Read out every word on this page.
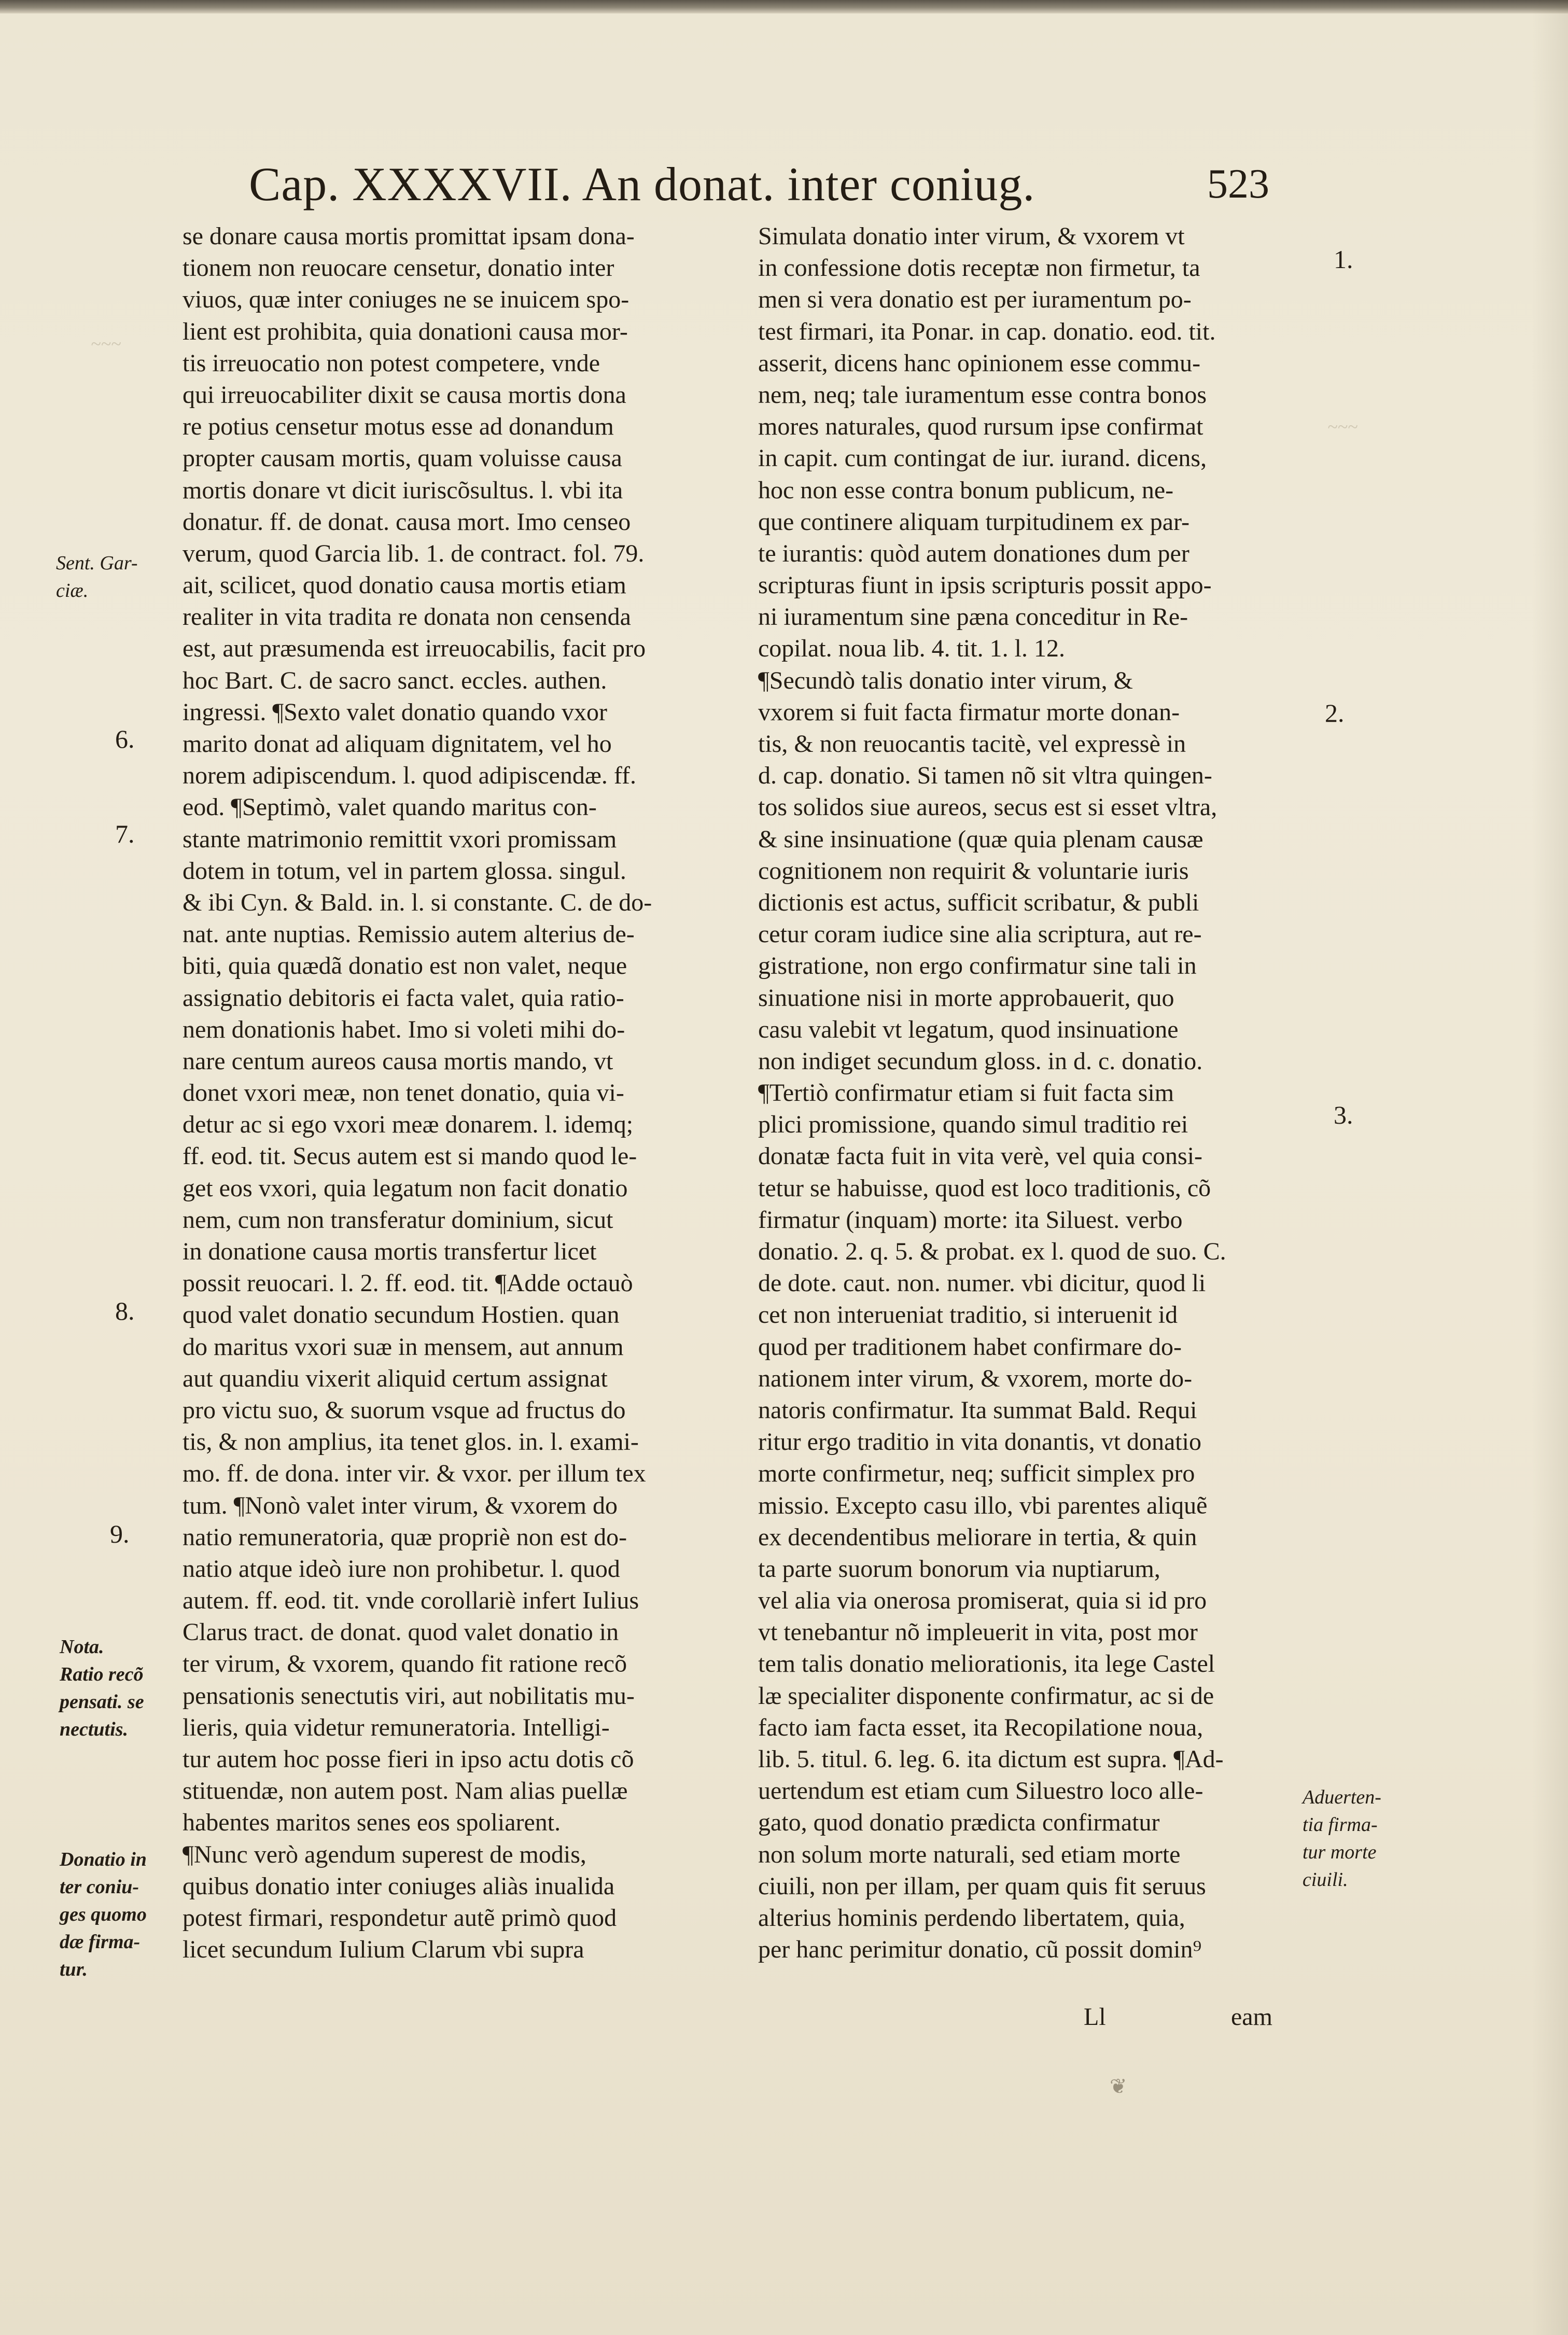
~~~
~~~
Cap. XXXXVII. An donat. inter coniug.	523
se donare causa mortis promittat ipsam dona-
tionem non reuocare censetur, donatio inter
viuos, quæ inter coniuges ne se inuicem spo-
lient est prohibita, quia donationi causa mor-
tis irreuocatio non potest competere, vnde
qui irreuocabiliter dixit se causa mortis dona
re potius censetur motus esse ad donandum
propter causam mortis, quam voluisse causa
mortis donare vt dicit iuriscõsultus. l. vbi ita
donatur. ff. de donat. causa mort. Imo censeo
verum, quod Garcia lib. 1. de contract. fol. 79.
ait, scilicet, quod donatio causa mortis etiam
realiter in vita tradita re donata non censenda
est, aut præsumenda est irreuocabilis, facit pro
hoc Bart. C. de sacro sanct. eccles. authen.
ingressi. ¶Sexto valet donatio quando vxor
marito donat ad aliquam dignitatem, vel ho
norem adipiscendum. l. quod adipiscendæ. ff.
eod. ¶Septimò, valet quando maritus con-
stante matrimonio remittit vxori promissam
dotem in totum, vel in partem glossa. singul.
& ibi Cyn. & Bald. in. l. si constante. C. de do-
nat. ante nuptias. Remissio autem alterius de-
biti, quia quædã donatio est non valet, neque
assignatio debitoris ei facta valet, quia ratio-
nem donationis habet. Imo si voleti mihi do-
nare centum aureos causa mortis mando, vt
donet vxori meæ, non tenet donatio, quia vi-
detur ac si ego vxori meæ donarem. l. idemq;
ff. eod. tit. Secus autem est si mando quod le-
get eos vxori, quia legatum non facit donatio
nem, cum non transferatur dominium, sicut
in donatione causa mortis transfertur licet
possit reuocari. l. 2. ff. eod. tit. ¶Adde octauò
quod valet donatio secundum Hostien. quan
do maritus vxori suæ in mensem, aut annum
aut quandiu vixerit aliquid certum assignat
pro victu suo, & suorum vsque ad fructus do
tis, & non amplius, ita tenet glos. in. l. exami-
mo. ff. de dona. inter vir. & vxor. per illum tex
tum. ¶Nonò valet inter virum, & vxorem do
natio remuneratoria, quæ propriè non est do-
natio atque ideò iure non prohibetur. l. quod
autem. ff. eod. tit. vnde corollariè infert Iulius
Clarus tract. de donat. quod valet donatio in
ter virum, & vxorem, quando fit ratione recõ
pensationis senectutis viri, aut nobilitatis mu-
lieris, quia videtur remuneratoria. Intelligi-
tur autem hoc posse fieri in ipso actu dotis cõ
stituendæ, non autem post. Nam alias puellæ
habentes maritos senes eos spoliarent.
¶Nunc verò agendum superest de modis,
quibus donatio inter coniuges aliàs inualida
potest firmari, respondetur autẽ primò quod
licet secundum Iulium Clarum vbi supra
Simulata donatio inter virum, & vxorem vt
in confessione dotis receptæ non firmetur, ta
men si vera donatio est per iuramentum po-
test firmari, ita Ponar. in cap. donatio. eod. tit.
asserit, dicens hanc opinionem esse commu-
nem, neq; tale iuramentum esse contra bonos
mores naturales, quod rursum ipse confirmat
in capit. cum contingat de iur. iurand. dicens,
hoc non esse contra bonum publicum, ne-
que continere aliquam turpitudinem ex par-
te iurantis: quòd autem donationes dum per
scripturas fiunt in ipsis scripturis possit appo-
ni iuramentum sine pæna conceditur in Re-
copilat. noua lib. 4. tit. 1. l. 12.
¶Secundò talis donatio inter virum, &
vxorem si fuit facta firmatur morte donan-
tis, & non reuocantis tacitè, vel expressè in
d. cap. donatio. Si tamen nõ sit vltra quingen-
tos solidos siue aureos, secus est si esset vltra,
& sine insinuatione (quæ quia plenam causæ
cognitionem non requirit & voluntarie iuris
dictionis est actus, sufficit scribatur, & publi
cetur coram iudice sine alia scriptura, aut re-
gistratione, non ergo confirmatur sine tali in
sinuatione nisi in morte approbauerit, quo
casu valebit vt legatum, quod insinuatione
non indiget secundum gloss. in d. c. donatio.
¶Tertiò confirmatur etiam si fuit facta sim
plici promissione, quando simul traditio rei
donatæ facta fuit in vita verè, vel quia consi-
tetur se habuisse, quod est loco traditionis, cõ
firmatur (inquam) morte: ita Siluest. verbo
donatio. 2. q. 5. & probat. ex l. quod de suo. C.
de dote. caut. non. numer. vbi dicitur, quod li
cet non interueniat traditio, si interuenit id
quod per traditionem habet confirmare do-
nationem inter virum, & vxorem, morte do-
natoris confirmatur. Ita summat Bald. Requi
ritur ergo traditio in vita donantis, vt donatio
morte confirmetur, neq; sufficit simplex pro
missio. Excepto casu illo, vbi parentes aliquẽ
ex decendentibus meliorare in tertia, & quin
ta parte suorum bonorum via nuptiarum,
vel alia via onerosa promiserat, quia si id pro
vt tenebantur nõ impleuerit in vita, post mor
tem talis donatio meliorationis, ita lege Castel
læ specialiter disponente confirmatur, ac si de
facto iam facta esset, ita Recopilatione noua,
lib. 5. titul. 6. leg. 6. ita dictum est supra. ¶Ad-
uertendum est etiam cum Siluestro loco alle-
gato, quod donatio prædicta confirmatur
non solum morte naturali, sed etiam morte
ciuili, non per illam, per quam quis fit seruus
alterius hominis perdendo libertatem, quia,
per hanc perimitur donatio, cũ possit domin⁹
6.
7.
8.
9.
1.
2.
3.
Sent. Gar-
ciæ.
Nota.
Ratio recõ
pensati. se
nectutis.
Donatio in
ter coniu-
ges quomo
dæ firma-
tur.
Aduerten-
tia firma-
tur morte
ciuili.
Ll	eam
❦
